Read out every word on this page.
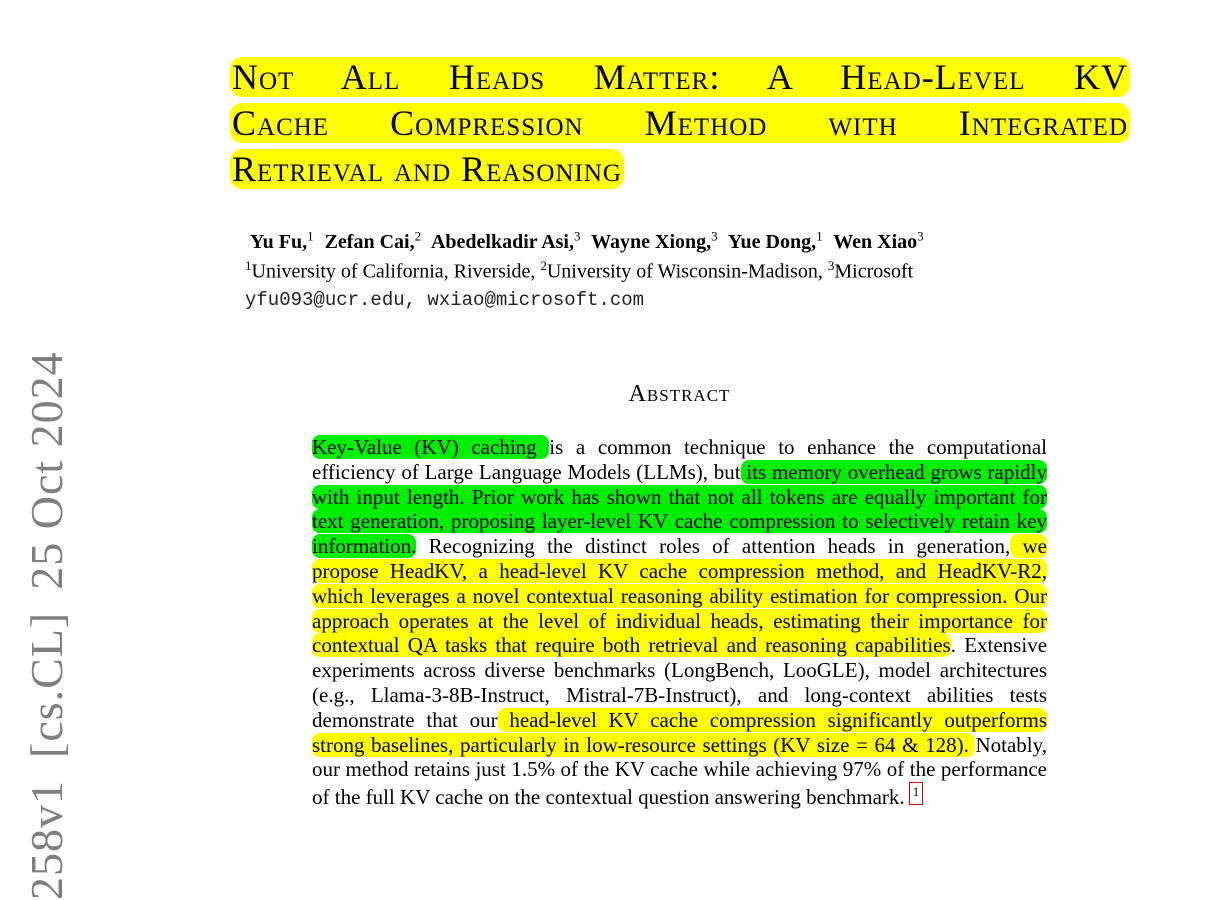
258v1[cs.CL]25 Oct 2024
Not All Heads Matter: A Head-Level KV
Cache Compression Method with Integrated
Retrieval and Reasoning
Yu Fu,$^1$ Zefan Cai,$^2$ Abedelkadir Asi,$^3$ Wayne Xiong,$^3$ Yue Dong,$^1$ Wen Xiao$^3$
$^1$University of California, Riverside, $^2$University of Wisconsin-Madison, $^3$Microsoft
yfu093@ucr.edu, wxiao@microsoft.com
Abstract
Key-Value (KV) caching is a common technique to enhance the computational efficiency of Large Language Models (LLMs), but its memory overhead grows rapidly with input length. Prior work has shown that not all tokens are equally important for text generation, proposing layer-level KV cache compression to selectively retain key information. Recognizing the distinct roles of attention heads in generation, we propose HeadKV, a head-level KV cache compression method, and HeadKV-R2, which leverages a novel contextual reasoning ability estimation for compression. Our approach operates at the level of individual heads, estimating their importance for contextual QA tasks that require both retrieval and reasoning capabilities. Extensive experiments across diverse benchmarks (LongBench, LooGLE), model architectures (e.g., Llama-3-8B-Instruct, Mistral-7B-Instruct), and long-context abilities tests demonstrate that our head-level KV cache compression significantly outperforms strong baselines, particularly in low-resource settings (KV size = 64 & 128). Notably, our method retains just 1.5% of the KV cache while achieving 97% of the performance of the full KV cache on the contextual question answering benchmark. 1
